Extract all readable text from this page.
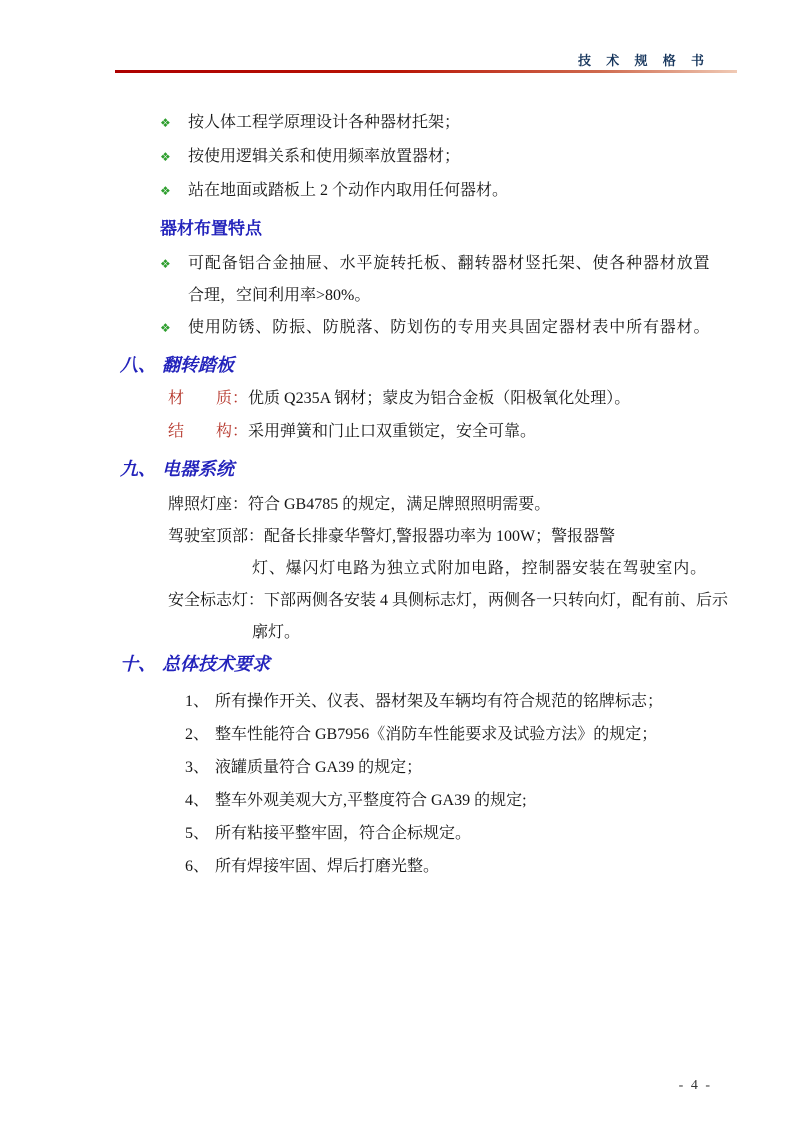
技 术 规 格 书
❖ 按人体工程学原理设计各种器材托架；
❖ 按使用逻辑关系和使用频率放置器材；
❖ 站在地面或踏板上 2 个动作内取用任何器材。
器材布置特点
❖ 可配备铝合金抽屉、水平旋转托板、翻转器材竖托架、使各种器材放置
合理，空间利用率>80%。
❖ 使用防锈、防振、防脱落、防划伤的专用夹具固定器材表中所有器材。
八、 翻转踏板
材　　质：优质 Q235A 钢材；蒙皮为铝合金板（阳极氧化处理）。
结　　构：采用弹簧和门止口双重锁定，安全可靠。
九、 电器系统
牌照灯座：符合 GB4785 的规定，满足牌照照明需要。
驾驶室顶部：配备长排豪华警灯,警报器功率为 100W；警报器警
灯、爆闪灯电路为独立式附加电路，控制器安装在驾驶室内。
安全标志灯：下部两侧各安装 4 具侧标志灯，两侧各一只转向灯，配有前、后示
廓灯。
十、 总体技术要求
1、 所有操作开关、仪表、器材架及车辆均有符合规范的铭牌标志；
2、 整车性能符合 GB7956《消防车性能要求及试验方法》的规定；
3、 液罐质量符合 GA39 的规定；
4、 整车外观美观大方,平整度符合 GA39 的规定;
5、 所有粘接平整牢固，符合企标规定。
6、 所有焊接牢固、焊后打磨光整。
- 4 -
